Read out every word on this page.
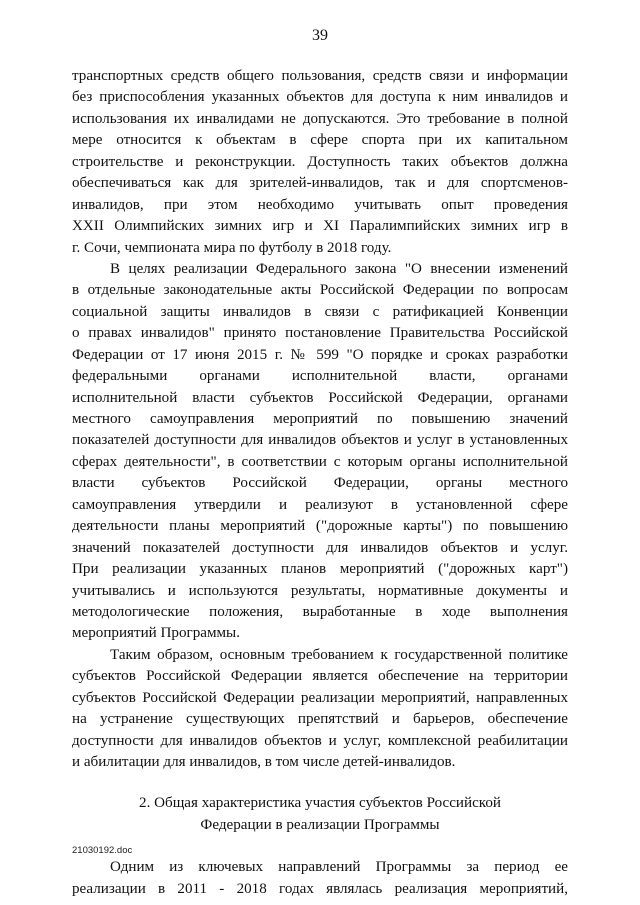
39
транспортных средств общего пользования, средств связи и информации
без приспособления указанных объектов для доступа к ним инвалидов и
использования их инвалидами не допускаются. Это требование в полной
мере относится к объектам в сфере спорта при их капитальном
строительстве и реконструкции. Доступность таких объектов должна
обеспечиваться как для зрителей-инвалидов, так и для спортсменов-
инвалидов, при этом необходимо учитывать опыт проведения
XXII Олимпийских зимних игр и XI Паралимпийских зимних игр в
г. Сочи, чемпионата мира по футболу в 2018 году.
В целях реализации Федерального закона "О внесении изменений
в отдельные законодательные акты Российской Федерации по вопросам
социальной защиты инвалидов в связи с ратификацией Конвенции
о правах инвалидов" принято постановление Правительства Российской
Федерации от 17 июня 2015 г. № 599 "О порядке и сроках разработки
федеральными органами исполнительной власти, органами
исполнительной власти субъектов Российской Федерации, органами
местного самоуправления мероприятий по повышению значений
показателей доступности для инвалидов объектов и услуг в установленных
сферах деятельности", в соответствии с которым органы исполнительной
власти субъектов Российской Федерации, органы местного
самоуправления утвердили и реализуют в установленной сфере
деятельности планы мероприятий ("дорожные карты") по повышению
значений показателей доступности для инвалидов объектов и услуг.
При реализации указанных планов мероприятий ("дорожных карт")
учитывались и используются результаты, нормативные документы и
методологические положения, выработанные в ходе выполнения
мероприятий Программы.
Таким образом, основным требованием к государственной политике
субъектов Российской Федерации является обеспечение на территории
субъектов Российской Федерации реализации мероприятий, направленных
на устранение существующих препятствий и барьеров, обеспечение
доступности для инвалидов объектов и услуг, комплексной реабилитации
и абилитации для инвалидов, в том числе детей-инвалидов.
2. Общая характеристика участия субъектов Российской
Федерации в реализации Программы
Одним из ключевых направлений Программы за период ее
реализации в 2011 - 2018 годах являлась реализация мероприятий,
21030192.doc
